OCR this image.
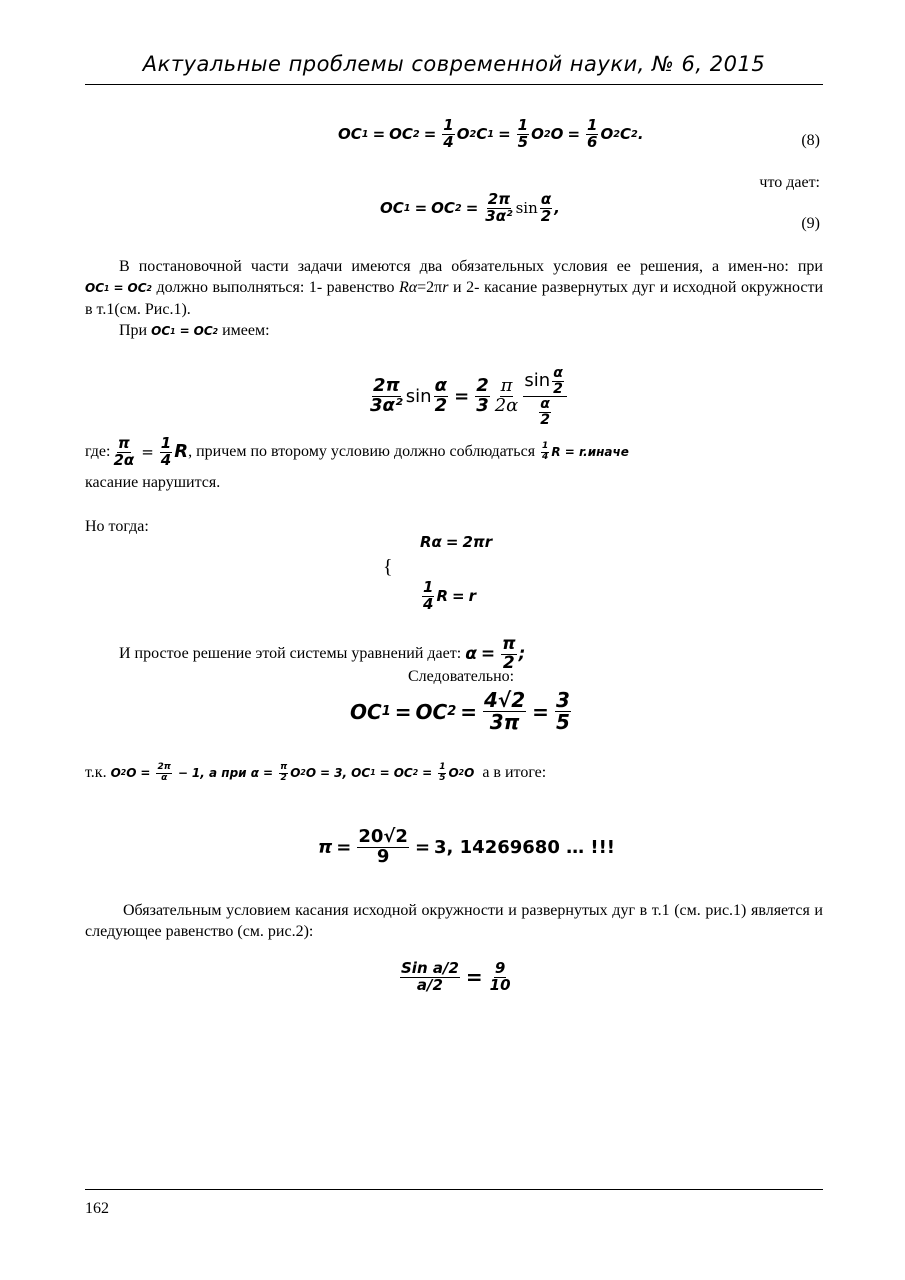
Актуальные проблемы современной науки, № 6, 2015
OC 1 = OC $2 = \frac{1}{4}$ O 2 C $1 = \frac{1}{5}$ O 2 $O = \frac{1}{6}$ O 2 C 2 .	(8)
что дает:
OC 1 = OC $2 = \frac{2\pi}{\text{3α²}}$ $\sin \frac{\alpha}{2}$ ,
(9)
В постановочной части задачи имеются два обязательных условия ее решения, а имен-но: при OC 1 = OC 2 должно выполняться: 1- равенство Rα=2πr и 2- касание развернутых дуг и исходной окружности в т.1(см. Рис.1).
При OC 1 = OC 2 имеем:
$\frac{2\pi}{\text{3α²}}$ $\sin \frac{\alpha}{2} = \frac{2}{3} \frac{\pi}{2\alpha} \frac{\sin \frac{\alpha}{2}}{\frac{\alpha}{2}}$
где: $\frac{\pi}{2\alpha} = \frac{1}{4}$ R , причем по второму условию должно соблюдаться $\frac{1}{4}$ R = r.иначе
касание нарушится.
Но тогда:
Rα = 2πr
{
$\frac{1}{4}$ R = r
И простое решение этой системы уравнений дает: $\alpha = \frac{\pi}{2}$ ;
Следовательно:
OC 1 = OC $2 = \frac{4√2}{3\pi} = \frac{3}{5}$
т.к. O 2 $O = \frac{2\pi}{\alpha} - 1$, а при $\alpha = \frac{\pi}{2}$ O 2 O = 3, OC 1 = OC $2 = \frac{1}{5}$ O 2 O а в итоге:
$\pi = \frac{20√2}{9} = 3$, 14269680 … !!!
Обязательным условием касания исходной окружности и развернутых дуг в т.1 (см. рис.1) является и следующее равенство (см. рис.2):
$\frac{\text{Sin a/2}}{a/2} = \frac{9}{10}$
162
